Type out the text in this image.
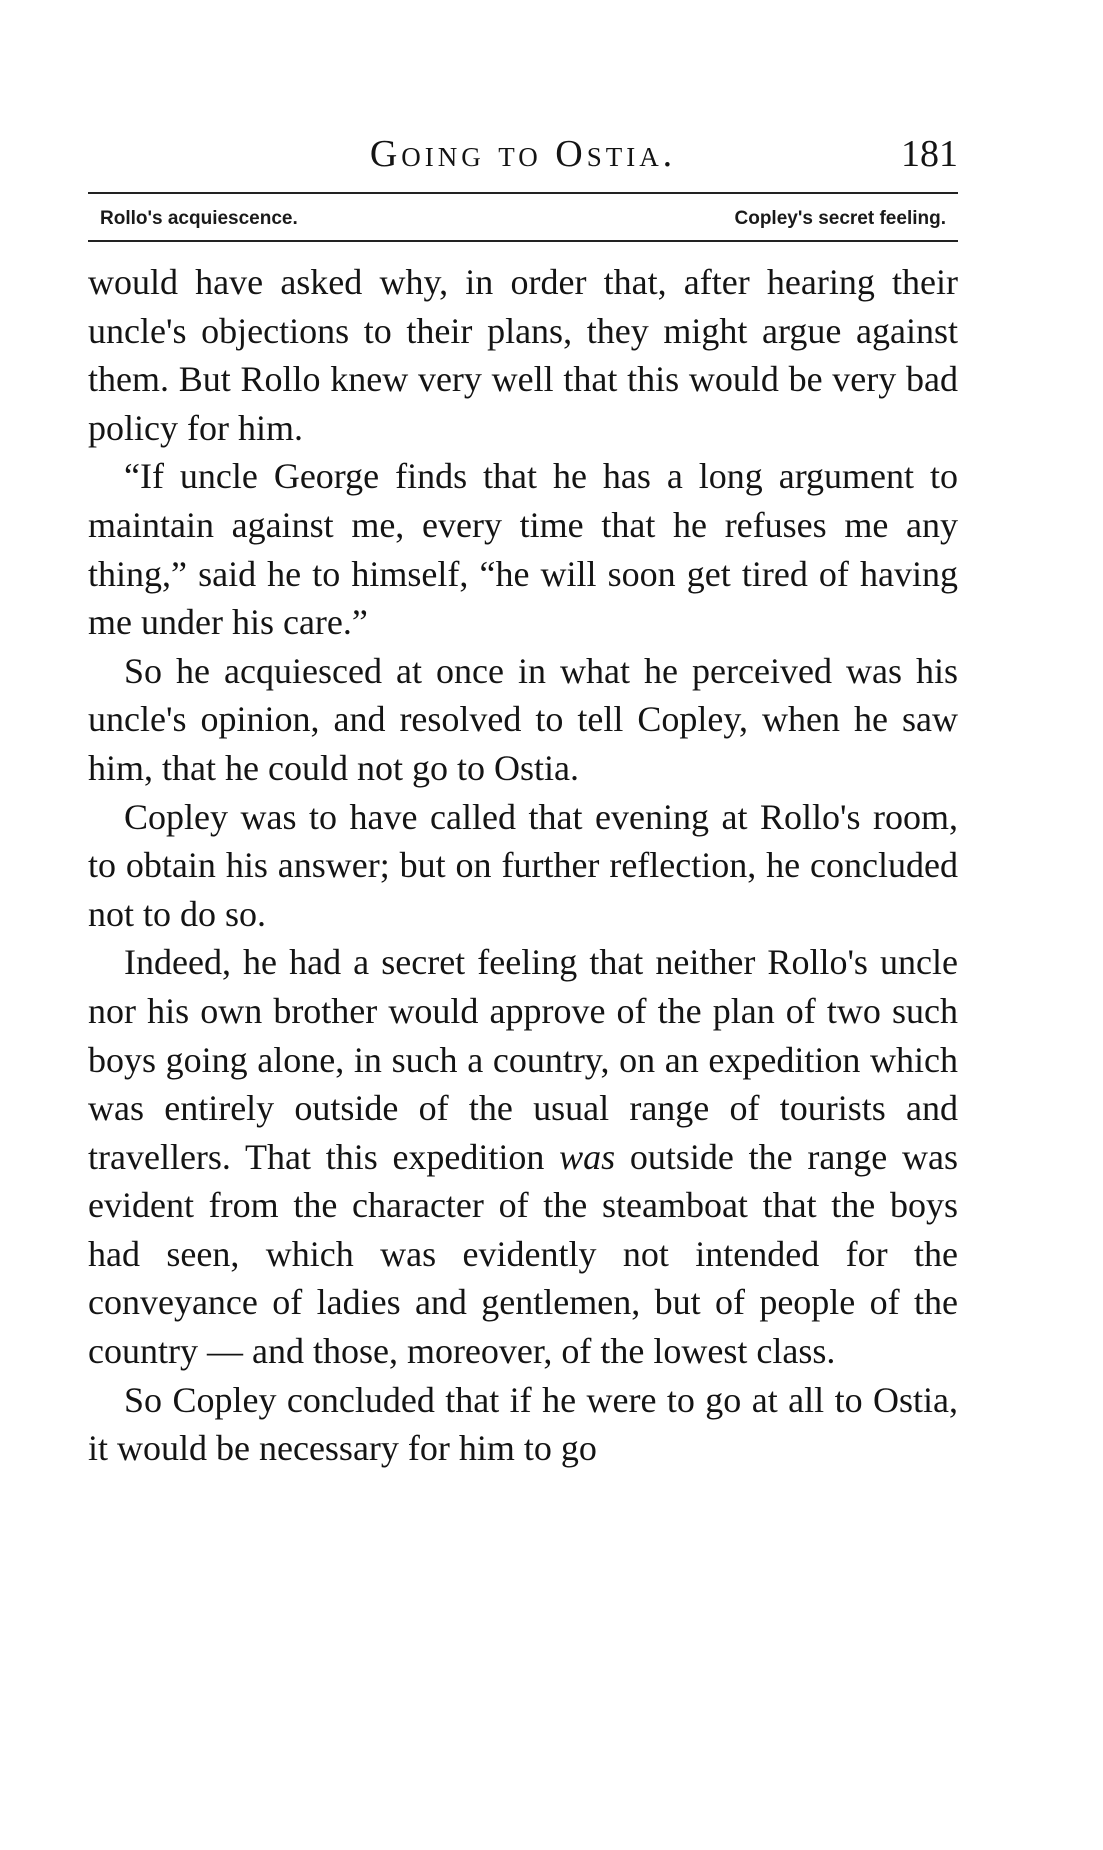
Going to Ostia.	181
Rollo's acquiescence.	Copley's secret feeling.

would have asked why, in order that, after hearing their uncle's objections to their plans, they might argue against them. But Rollo knew very well that this would be very bad policy for him.

“If uncle George finds that he has a long argument to maintain against me, every time that he refuses me any thing,” said he to himself, “he will soon get tired of having me under his care.”

So he acquiesced at once in what he perceived was his uncle's opinion, and resolved to tell Copley, when he saw him, that he could not go to Ostia.

Copley was to have called that evening at Rollo's room, to obtain his answer; but on further reflection, he concluded not to do so.

Indeed, he had a secret feeling that neither Rollo's uncle nor his own brother would approve of the plan of two such boys going alone, in such a country, on an expedition which was entirely outside of the usual range of tourists and travellers. That this expedition was outside the range was evident from the character of the steamboat that the boys had seen, which was evidently not intended for the conveyance of ladies and gentlemen, but of people of the country — and those, moreover, of the lowest class.

So Copley concluded that if he were to go at all to Ostia, it would be necessary for him to go
